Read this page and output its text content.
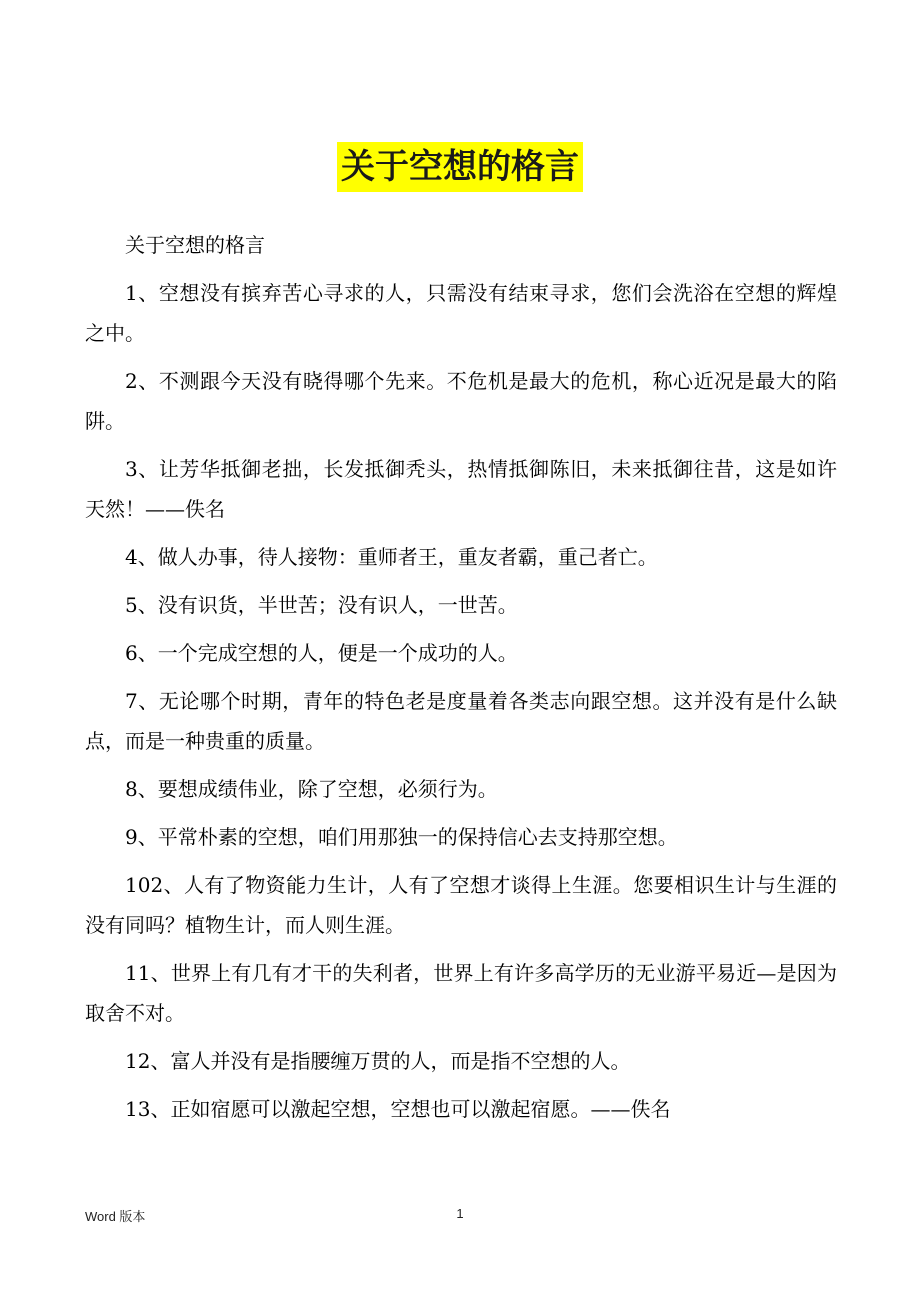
关于空想的格言

关于空想的格言

1、空想没有摈弃苦心寻求的人，只需没有结束寻求，您们会洗浴在空想的辉煌之中。

2、不测跟今天没有晓得哪个先来。不危机是最大的危机，称心近况是最大的陷阱。

3、让芳华抵御老拙，长发抵御秃头，热情抵御陈旧，未来抵御往昔，这是如许天然！——佚名

4、做人办事，待人接物：重师者王，重友者霸，重己者亡。

5、没有识货，半世苦；没有识人，一世苦。

6、一个完成空想的人，便是一个成功的人。

7、无论哪个时期，青年的特色老是度量着各类志向跟空想。这并没有是什么缺点，而是一种贵重的质量。

8、要想成绩伟业，除了空想，必须行为。

9、平常朴素的空想，咱们用那独一的保持信心去支持那空想。

102、人有了物资能力生计，人有了空想才谈得上生涯。您要相识生计与生涯的没有同吗？植物生计，而人则生涯。

11、世界上有几有才干的失利者，世界上有许多高学历的无业游平易近—是因为取舍不对。

12、富人并没有是指腰缠万贯的人，而是指不空想的人。

13、正如宿愿可以激起空想，空想也可以激起宿愿。——佚名

Word 版本	1
